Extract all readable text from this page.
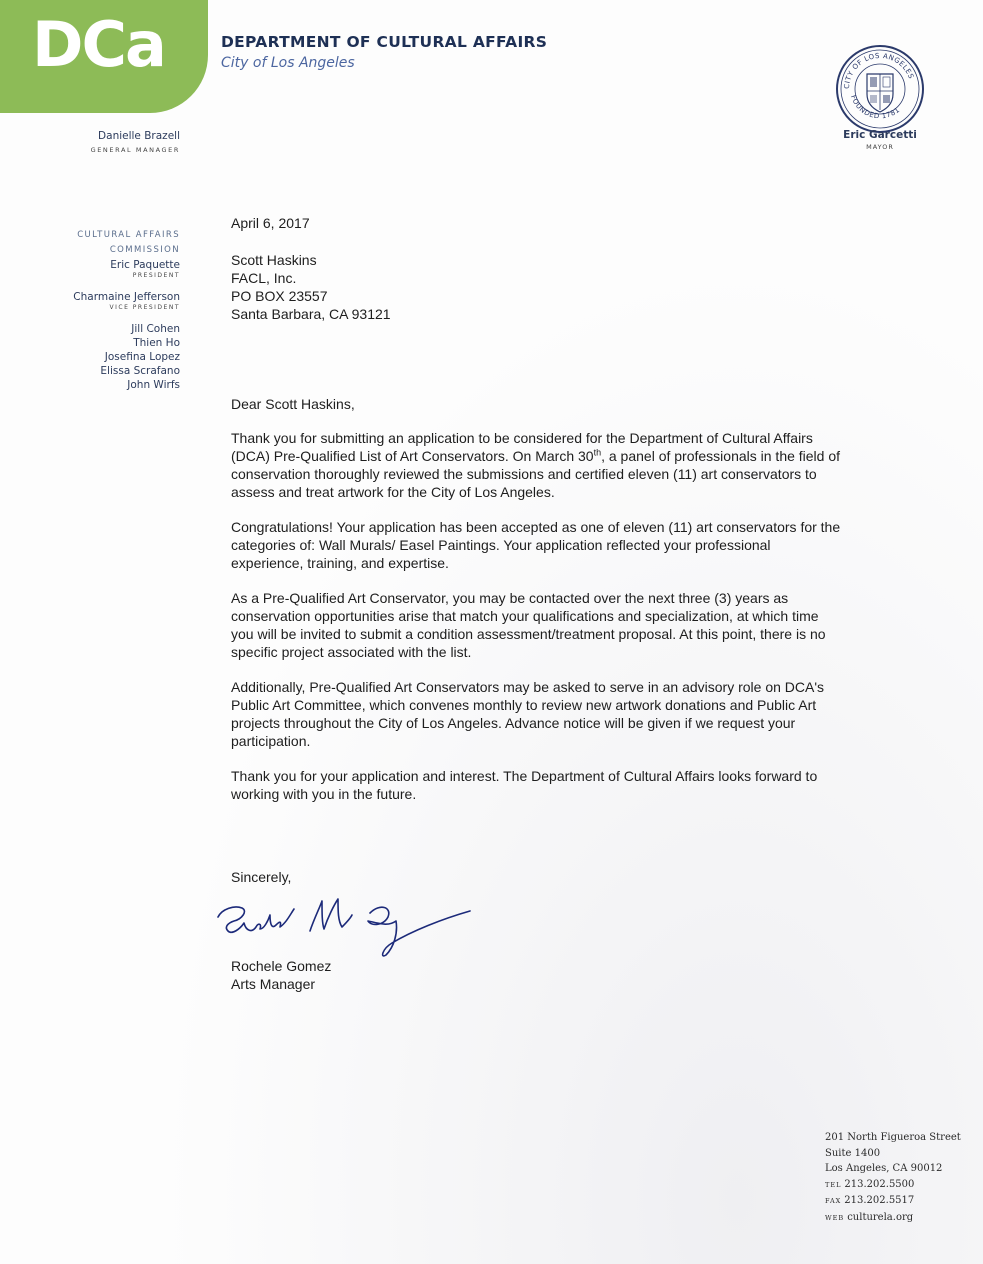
DCa	DEPARTMENT OF CULTURAL AFFAIRS
City of Los Angeles
Danielle Brazell
GENERAL MANAGER
CITY OF LOS ANGELES
FOUNDED 1781
Eric Garcetti
MAYOR
CULTURAL AFFAIRS
COMMISSION
Eric Paquette
PRESIDENT
Charmaine Jefferson
VICE PRESIDENT
Jill Cohen
Thien Ho
Josefina Lopez
Elissa Scrafano
John Wirfs

April 6, 2017

Scott Haskins

FACL, Inc.

PO BOX 23557

Santa Barbara, CA 93121

Dear Scott Haskins,

Thank you for submitting an application to be considered for the Department of Cultural Affairs (DCA) Pre-Qualified List of Art Conservators. On March 30th, a panel of professionals in the field of conservation thoroughly reviewed the submissions and certified eleven (11) art conservators to assess and treat artwork for the City of Los Angeles.

Congratulations! Your application has been accepted as one of eleven (11) art conservators for the categories of: Wall Murals/ Easel Paintings. Your application reflected your professional experience, training, and expertise.

As a Pre-Qualified Art Conservator, you may be contacted over the next three (3) years as conservation opportunities arise that match your qualifications and specialization, at which time you will be invited to submit a condition assessment/treatment proposal. At this point, there is no specific project associated with the list.

Additionally, Pre-Qualified Art Conservators may be asked to serve in an advisory role on DCA's Public Art Committee, which convenes monthly to review new artwork donations and Public Art projects throughout the City of Los Angeles. Advance notice will be given if we request your participation.

Thank you for your application and interest. The Department of Cultural Affairs looks forward to working with you in the future.

Sincerely,
Rochele Gomez
Arts Manager
201 North Figueroa Street
Suite 1400
Los Angeles, CA 90012
TEL 213.202.5500
FAX 213.202.5517
WEB culturela.org
